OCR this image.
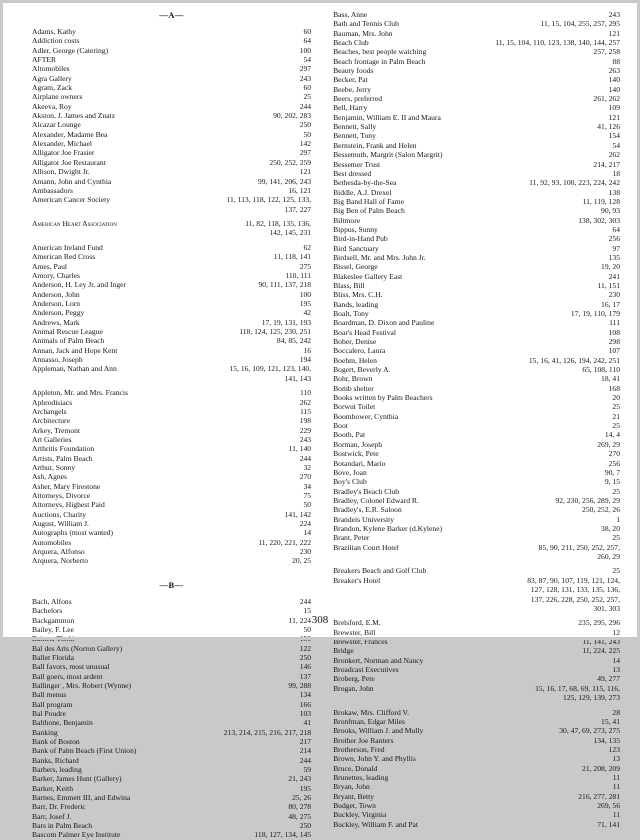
—A—
Adams, Kathy	60
Addiction costs	64
Adler, George (Catering)	100
AFTER	54
Altomobiles	297
Agra Gallery	243
Agram, Zack	60
Airplane owners	25
Akeeva, Roy	244
Akston, J. James and Znatz	90, 202, 283
Alcazar Lounge	250
Alexander, Madame Bea	50
Alexander, Michael	142
Alligator Joe Frasier	297
Alligator Joe Restaurant	250, 252, 259
Allison, Dwight Jr.	121
Amann, John and Cynthia	99, 141, 206, 243
Ambassadors	16, 121
American Cancer Society	11, 113, 118, 122, 125, 133,
137, 227
American Heart Association	11, 82, 118, 135, 136,
142, 145, 231
American Ireland Fund	62
American Red Cross	11, 118, 141
Ames, Paul	275
Amory, Charles	110, 111
Anderson, H. Ley Jr. and Inger	90, 111, 137, 218
Anderson, John	100
Anderson, Lorn	195
Anderson, Peggy	42
Andrews, Mark	17, 19, 131, 193
Animal Rescue League	118, 124, 125, 230, 251
Animals of Palm Beach	84, 85, 242
Annan, Jack and Hope Kent	16
Annasso, Joseph	194
Appleman, Nathan and Ann	15, 16, 109, 121, 123, 140,
141, 143
Appleton, Mr. and Mrs. Francis	110
Aphrodisiacs	262
Archangels	115
Architecture	198
Arkey, Tremont	229
Art Galleries	243
Arthritis Foundation	11, 140
Artists, Palm Beach	244
Arthur, Sonny	32
Ash, Agnes	270
Asher, Mary Firestone	34
Attorneys, Divorce	75
Attorneys, Highest Paid	50
Auctions, Charity	141, 142
August, William J.	224
Autographs (most wanted)	14
Automobiles	11, 220, 221, 222
Arquera, Alfonso	230
Arquera, Norberto	20, 25
—B—
Bach, Alfons	244
Bachelors	15
Backgammon	11, 224
Bailey, F. Lee	50
Baines, Thoki	150
Bal des Arts (Norton Gallery)	122
Ballet Florida	250
Ball favors, most unusual	146
Ball goers, most ardent	137
Ballinger , Mrs. Robert (Wynne)	99, 288
Ball menus	134
Ball program	166
Bal Poudre	103
Balthone, Benjamin	41
Banking	213, 214, 215, 216, 217, 218
Bank of Boston	217
Bank of Palm Beach (First Union)	214
Banks, Richard	244
Barbers, leading	59
Barker, James Hunt (Gallery)	21, 243
Barker, Keith	195
Barnes, Emmett III, and Edwina	25, 26
Barr, Dr. Frederic	80, 278
Barr, Josef J.	48, 275
Bars in Palm Beach	250
Bascom Palmer Eye Institute	118, 127, 134, 145
Bass, Anne	243
Bath and Tennis Club	11, 15, 104, 255, 257, 295
Bauman, Mrs. John	121
Beach Club	11, 15, 104, 110, 123, 138, 140, 144, 257
Beaches, best people watching	257, 258
Beach frontage in Palm Beach	88
Beauty foods	263
Becker, Pat	140
Beebe, Jerry	140
Beers, preferred	261, 262
Bell, Harry	109
Benjamin, William E. II and Maura	121
Bennett, Sally	41, 126
Bennett, Tony	154
Bernstein, Frank and Helen	54
Bessemuth, Margrit (Salon Margrit)	262
Bessemer Trust	214, 217
Best dressed	18
Bethesda-by-the-Sea	11, 92, 93, 100, 223, 224, 242
Biddle, A.J. Drexel	138
Big Band Hall of Fame	11, 119, 128
Big Ben of Palm Beach	90, 93
Biltmore	138, 302, 303
Bippus, Sunny	64
Bird-in-Hand Pub	256
Bird Sanctuary	97
Birdsell, Mr. and Mrs. John Jr.	135
Bissel, George	19, 20
Blakeslee Gallery East	241
Blass, Bill	11, 151
Bliss, Mrs. C.H.	230
Bands, leading	16, 17
Boalt, Tony	17, 19, 110, 179
Boardman, D. Dixon and Pauline	111
Boar's Head Festival	108
Bober, Denise	298
Boccalero, Laura	107
Boehm, Helen	15, 16, 41, 126, 194, 242, 251
Bogert, Beverly A.	65, 108, 110
Bohr, Brown	18, 41
Bomb shelter	168
Books written by Palm Beachers	20
Borwut Toilet	25
Boomhower, Cynthia	21
Boot	25
Booth, Pat	14, 4
Borman, Joseph	269, 29
Bostwick, Pete	270
Botandari, Mario	256
Bove, Joan	90, 7
Boy's Club	9, 15
Bradley's Beach Club	25
Bradley, Colonel Edward R.	92, 230, 256, 289, 29
Bradley's, E.R. Saloon	250, 252, 26
Brandeis University	1
Brandon, Kylene Barker (d.Kylene)	38, 20
Brant, Peter	25
Brazilian Court Hotel	85, 90, 211, 250, 252, 257,
260, 29
Breakers Beach and Golf Club	25
Breaker's Hotel	83, 87, 90, 107, 119, 121, 124,
127, 128, 131, 133, 135, 136,
137, 226, 228, 250, 252, 257,
301, 303
Brelsford, E.M.	235, 295, 296
Brewster, Bill	12
Brewster, Frances	11, 141, 243
Bridge	11, 224, 225
Bronkert, Norman and Nancy	14
Broadcast Executives	13
Broberg, Pete	49, 277
Brogan, John	15, 16, 17, 68, 69, 115, 116,
125, 129, 139, 273
Brokaw, Mrs. Clifford V.	28
Bronfman, Edgar Miles	15, 41
Brooks, William J. and Mully	30, 47, 69, 273, 275
Brother Joe Ranters	134, 135
Brotherson, Fred	123
Brown, John Y. and Phyllis	13
Bruce, Donald	21, 208, 209
Brunettes, leading	11
Bryan, John	11
Bryant, Betty	216, 277, 281
Budget, Town	269, 56
Buckley, Virginia	11
Buckley, William F. and Pat	71, 141
308
